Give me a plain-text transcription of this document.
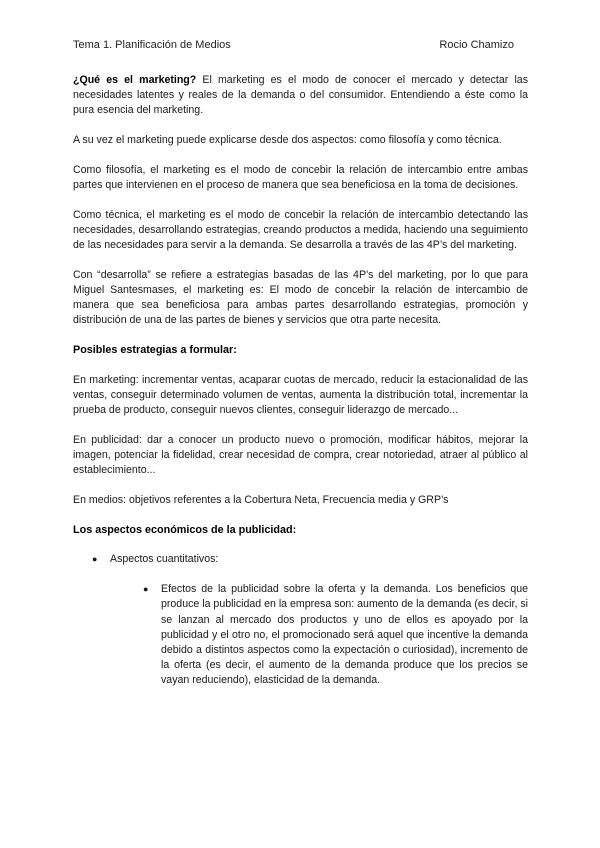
Tema 1. Planificación de Medios	Rocio Chamizo

¿Qué es el marketing? El marketing es el modo de conocer el mercado y detectar las necesidades latentes y reales de la demanda o del consumidor. Entendiendo a éste como la pura esencia del marketing.

A su vez el marketing puede explicarse desde dos aspectos: como filosofía y como técnica.

Como filosofía, el marketing es el modo de concebir la relación de intercambio entre ambas partes que intervienen en el proceso de manera que sea beneficiosa en la toma de decisiones.

Como técnica, el marketing es el modo de concebir la relación de intercambio detectando las necesidades, desarrollando estrategias, creando productos a medida, haciendo una seguimiento de las necesidades para servir a la demanda. Se desarrolla a través de las 4P’s del marketing.

Con “desarrolla” se refiere a estrategias basadas de las 4P’s del marketing, por lo que para Miguel Santesmases, el marketing es: El modo de concebir la relación de intercambio de manera que sea beneficiosa para ambas partes desarrollando estrategias, promoción y distribución de una de las partes de bienes y servicios que otra parte necesita.

Posibles estrategias a formular:

En marketing: incrementar ventas, acaparar cuotas de mercado, reducir la estacionalidad de las ventas, conseguir determinado volumen de ventas, aumenta la distribución total, incrementar la prueba de producto, conseguir nuevos clientes, conseguir liderazgo de mercado...

En publicidad: dar a conocer un producto nuevo o promoción, modificar hábitos, mejorar la imagen, potenciar la fidelidad, crear necesidad de compra, crear notoriedad, atraer al público al establecimiento...

En medios: objetivos referentes a la Cobertura Neta, Frecuencia media y GRP’s

Los aspectos económicos de la publicidad:
● Aspectos cuantitativos:
● Efectos de la publicidad sobre la oferta y la demanda. Los beneficios que produce la publicidad en la empresa son: aumento de la demanda (es decir, si se lanzan al mercado dos productos y uno de ellos es apoyado por la publicidad y el otro no, el promocionado será aquel que incentive la demanda debido a distintos aspectos como la expectación o curiosidad), incremento de la oferta (es decir, el aumento de la demanda produce que los precios se vayan reduciendo), elasticidad de la demanda.
